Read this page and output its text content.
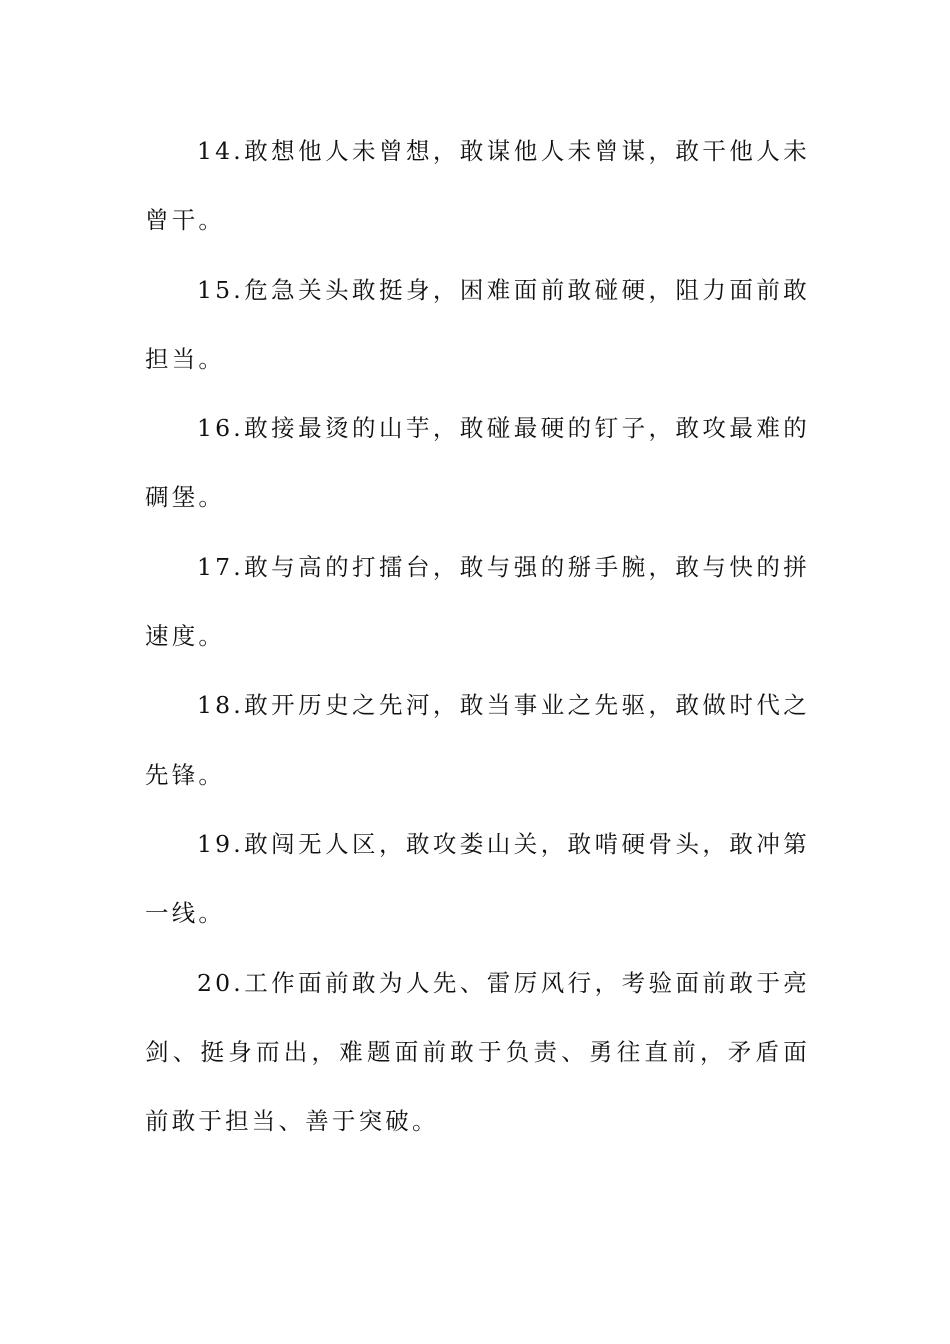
14.敢想他人未曾想，敢谋他人未曾谋，敢干他人未曾干。

15.危急关头敢挺身，困难面前敢碰硬，阻力面前敢担当。

16.敢接最烫的山芋，敢碰最硬的钉子，敢攻最难的碉堡。

17.敢与高的打擂台，敢与强的掰手腕，敢与快的拼速度。

18.敢开历史之先河，敢当事业之先驱，敢做时代之先锋。

19.敢闯无人区，敢攻娄山关，敢啃硬骨头，敢冲第一线。

20.工作面前敢为人先、雷厉风行，考验面前敢于亮剑、挺身而出，难题面前敢于负责、勇往直前，矛盾面前敢于担当、善于突破。
